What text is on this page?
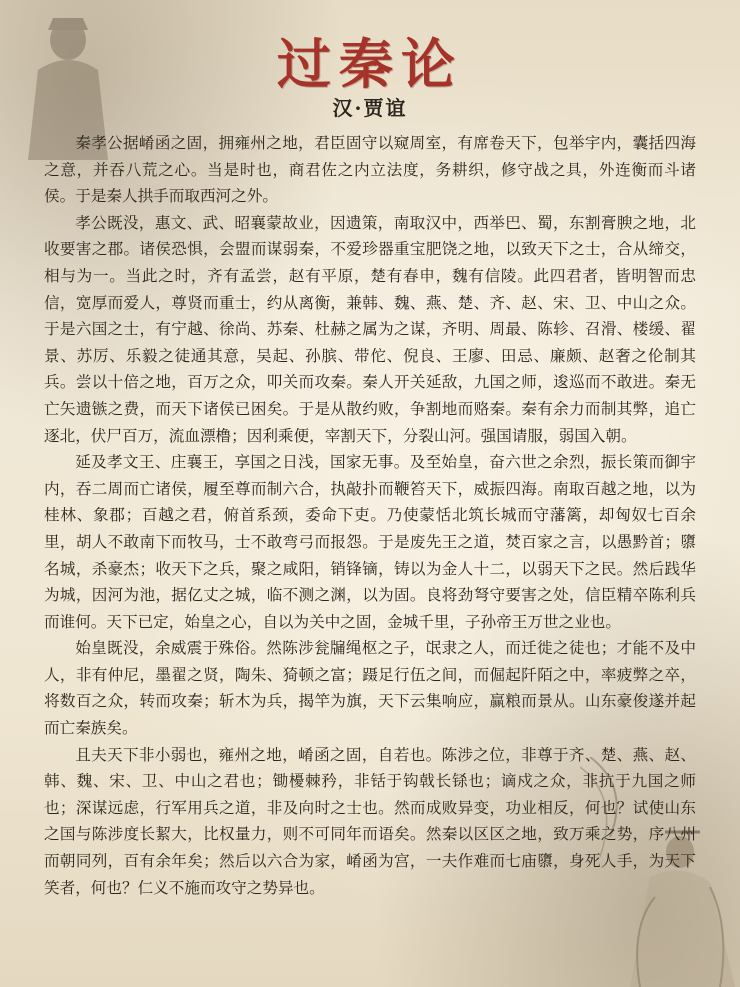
过秦论
汉·贾谊

秦孝公据崤函之固，拥雍州之地，君臣固守以窥周室，有席卷天下，包举宇内，囊括四海之意，并吞八荒之心。当是时也，商君佐之内立法度，务耕织，修守战之具，外连衡而斗诸侯。于是秦人拱手而取西河之外。

孝公既没，惠文、武、昭襄蒙故业，因遗策，南取汉中，西举巴、蜀，东割膏腴之地，北收要害之郡。诸侯恐惧，会盟而谋弱秦，不爱珍器重宝肥饶之地，以致天下之士，合从缔交，相与为一。当此之时，齐有孟尝，赵有平原，楚有春申，魏有信陵。此四君者，皆明智而忠信，宽厚而爱人，尊贤而重士，约从离衡，兼韩、魏、燕、楚、齐、赵、宋、卫、中山之众。于是六国之士，有宁越、徐尚、苏秦、杜赫之属为之谋，齐明、周最、陈轸、召滑、楼缓、翟景、苏厉、乐毅之徒通其意，吴起、孙膑、带佗、倪良、王廖、田忌、廉颇、赵奢之伦制其兵。尝以十倍之地，百万之众，叩关而攻秦。秦人开关延敌，九国之师，逡巡而不敢进。秦无亡矢遗镞之费，而天下诸侯已困矣。于是从散约败，争割地而赂秦。秦有余力而制其弊，追亡逐北，伏尸百万，流血漂橹；因利乘便，宰割天下，分裂山河。强国请服，弱国入朝。

延及孝文王、庄襄王，享国之日浅，国家无事。及至始皇，奋六世之余烈，振长策而御宇内，吞二周而亡诸侯，履至尊而制六合，执敲扑而鞭笞天下，威振四海。南取百越之地，以为桂林、象郡；百越之君，俯首系颈，委命下吏。乃使蒙恬北筑长城而守藩篱，却匈奴七百余里，胡人不敢南下而牧马，士不敢弯弓而报怨。于是废先王之道，焚百家之言，以愚黔首；隳名城，杀豪杰；收天下之兵，聚之咸阳，销锋镝，铸以为金人十二，以弱天下之民。然后践华为城，因河为池，据亿丈之城，临不测之渊，以为固。良将劲弩守要害之处，信臣精卒陈利兵而谁何。天下已定，始皇之心，自以为关中之固，金城千里，子孙帝王万世之业也。

始皇既没，余威震于殊俗。然陈涉瓮牖绳枢之子，氓隶之人，而迁徙之徒也；才能不及中人，非有仲尼，墨翟之贤，陶朱、猗顿之富；蹑足行伍之间，而倔起阡陌之中，率疲弊之卒，将数百之众，转而攻秦；斩木为兵，揭竿为旗，天下云集响应，赢粮而景从。山东豪俊遂并起而亡秦族矣。

且夫天下非小弱也，雍州之地，崤函之固，自若也。陈涉之位，非尊于齐、楚、燕、赵、韩、魏、宋、卫、中山之君也；锄櫌棘矜，非铦于钩戟长铩也；谪戍之众，非抗于九国之师也；深谋远虑，行军用兵之道，非及向时之士也。然而成败异变，功业相反，何也？试使山东之国与陈涉度长絜大，比权量力，则不可同年而语矣。然秦以区区之地，致万乘之势，序八州而朝同列，百有余年矣；然后以六合为家，崤函为宫，一夫作难而七庙隳，身死人手，为天下笑者，何也？仁义不施而攻守之势异也。
